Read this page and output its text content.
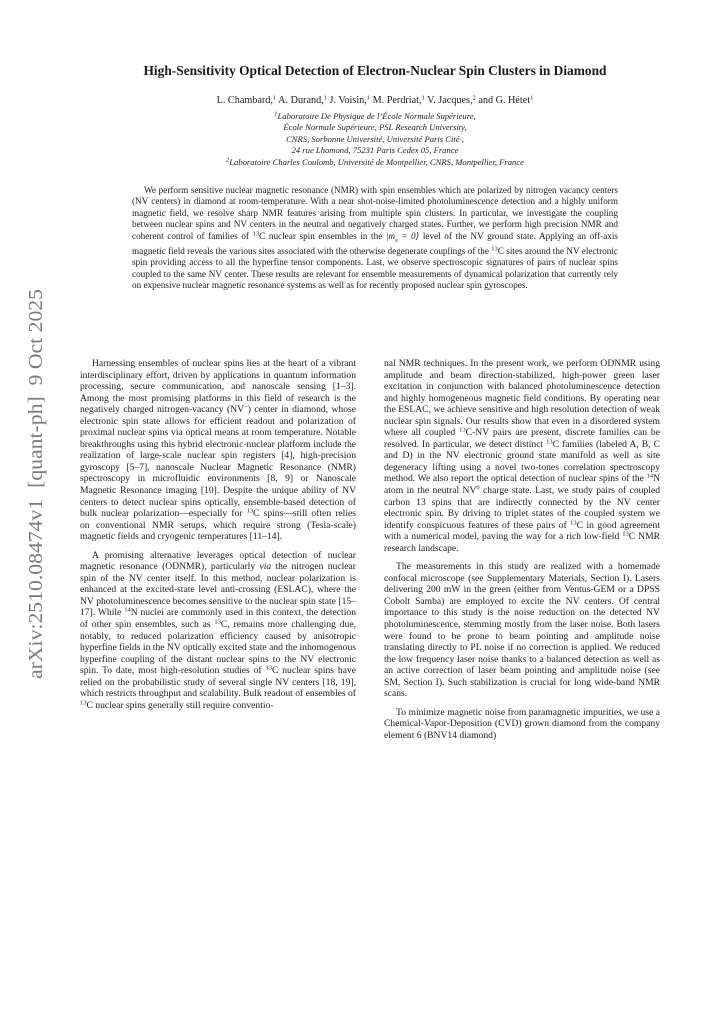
arXiv:2510.08474v1  [quant-ph]  9 Oct 2025
High-Sensitivity Optical Detection of Electron-Nuclear Spin Clusters in Diamond
L. Chambard,$^1$ A. Durand,$^1$ J. Voisin,$^1$ M. Perdriat,$^1$ V. Jacques,$^2$ and G. Hétet$^1$
$^1$Laboratoire De Physique de l’École Normale Supérieure,
École Normale Supérieure, PSL Research University,
CNRS, Sorbonne Université, Université Paris Cité ,
24 rue Lhomond, 75231 Paris Cedex 05, France
$^2$Laboratoire Charles Coulomb, Université de Montpellier, CNRS, Montpellier, France

We perform sensitive nuclear magnetic resonance (NMR) with spin ensembles which are polarized by nitrogen vacancy centers (NV centers) in diamond at room-temperature. With a near shot-noise-limited photoluminescence detection and a highly uniform magnetic field, we resolve sharp NMR features arising from multiple spin clusters. In particular, we investigate the coupling between nuclear spins and NV centers in the neutral and negatively charged states. Further, we perform high precision NMR and coherent control of families of $^{13}$C nuclear spin ensembles in the $|m_s$ = 0⟩ level of the NV ground state. Applying an off-axis magnetic field reveals the various sites associated with the otherwise degenerate couplings of the $^{13}$C sites around the NV electronic spin providing access to all the hyperfine tensor components. Last, we observe spectroscopic signatures of pairs of nuclear spins coupled to the same NV center. These results are relevant for ensemble measurements of dynamical polarization that currently rely on expensive nuclear magnetic resonance systems as well as for recently proposed nuclear spin gyroscopes.

Harnessing ensembles of nuclear spins lies at the heart of a vibrant interdisciplinary effort, driven by applications in quantum information processing, secure communication, and nanoscale sensing [1–3]. Among the most promising platforms in this field of research is the negatively charged nitrogen-vacancy (NV−) center in diamond, whose electronic spin state allows for efficient readout and polarization of proximal nuclear spins via optical means at room temperature. Notable breakthroughs using this hybrid electronic-nuclear platform include the realization of large-scale nuclear spin registers [4], high-precision gyroscopy [5–7], nanoscale Nuclear Magnetic Resonance (NMR) spectroscopy in microfluidic environments [8, 9] or Nanoscale Magnetic Resonance imaging [10]. Despite the unique ability of NV centers to detect nuclear spins optically, ensemble-based detection of bulk nuclear polarization—especially for $^{13}$C spins—still often relies on conventional NMR setups, which require strong (Tesla-scale) magnetic fields and cryogenic temperatures [11–14].

A promising alternative leverages optical detection of nuclear magnetic resonance (ODNMR), particularly via the nitrogen nuclear spin of the NV center itself. In this method, nuclear polarization is enhanced at the excited-state level anti-crossing (ESLAC), where the NV photoluminescence becomes sensitive to the nuclear spin state [15–17]. While $^{14}$N nuclei are commonly used in this context, the detection of other spin ensembles, such as $^{13}$C, remains more challenging due, notably, to reduced polarization efficiency caused by anisotropic hyperfine fields in the NV optically excited state and the inhomogenous hyperfine coupling of the distant nuclear spins to the NV electronic spin. To date, most high-resolution studies of $^{13}$C nuclear spins have relied on the probabilistic study of several single NV centers [18, 19], which restricts throughput and scalability. Bulk readout of ensembles of $^{13}$C nuclear spins generally still require conventio-

nal NMR techniques. In the present work, we perform ODNMR using amplitude and beam direction-stabilized, high-power green laser excitation in conjunction with balanced photoluminescence detection and highly homogeneous magnetic field conditions. By operating near the ESLAC, we achieve sensitive and high resolution detection of weak nuclear spin signals. Our results show that even in a disordered system where all coupled $^{13}$C-NV pairs are present, discrete families can be resolved. In particular, we detect distinct $^{13}$C families (labeled A, B, C and D) in the NV electronic ground state manifold as well as site degeneracy lifting using a novel two-tones correlation spectroscopy method. We also report the optical detection of nuclear spins of the $^{14}$N atom in the neutral $NV^0$ charge state. Last, we study pairs of coupled carbon 13 spins that are indirectly connected by the NV center electronic spin. By driving to triplet states of the coupled system we identify conspicuous features of these pairs of $^{13}$C in good agreement with a numerical model, paving the way for a rich low-field $^{13}$C NMR research landscape.

The measurements in this study are realized with a homemade confocal microscope (see Supplementary Materials, Section I). Lasers delivering 200 mW in the green (either from Ventus-GEM or a DPSS Cobolt Samba) are employed to excite the NV centers. Of central importance to this study is the noise reduction on the detected NV photoluminescence, stemming mostly from the laser noise. Both lasers were found to be prone to beam pointing and amplitude noise translating directly to PL noise if no correction is applied. We reduced the low frequency laser noise thanks to a balanced detection as well as an active correction of laser beam pointing and amplitude noise (see SM, Section I). Such stabilization is crucial for long wide-band NMR scans.

To minimize magnetic noise from paramagnetic impurities, we use a Chemical-Vapor-Deposition (CVD) grown diamond from the company element 6 (BNV14 diamond)
